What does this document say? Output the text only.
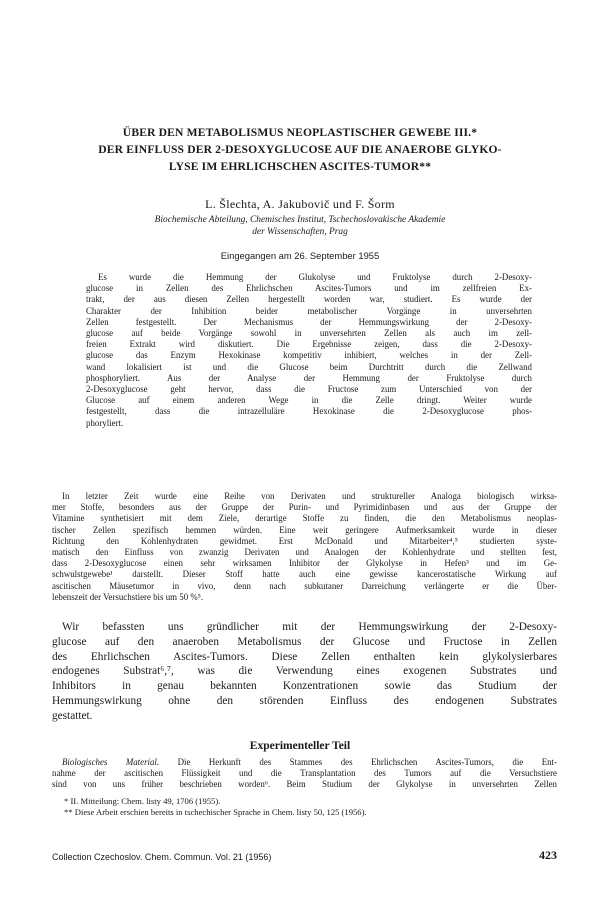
ÜBER DEN METABOLISMUS NEOPLASTISCHER GEWEBE III.*
DER EINFLUSS DER 2-DESOXYGLUCOSE AUF DIE ANAEROBE GLYKO-
LYSE IM EHRLICHSCHEN ASCITES-TUMOR**
L. Šlechta, A. Jakubovič und F. Šorm
Biochemische Abteilung, Chemisches Institut, Tschechoslovakische Akademie
der Wissenschaften, Prag
Eingegangen am 26. September 1955
Es wurde die Hemmung der Glukolyse und Fruktolyse durch 2-Desoxy-
glucose in Zellen des Ehrlichschen Ascites-Tumors und im zellfreien Ex-
trakt, der aus diesen Zellen hergestellt worden war, studiert. Es wurde der
Charakter der Inhibition beider metabolischer Vorgänge in unversehrten
Zellen festgestellt. Der Mechanismus der Hemmungswirkung der 2-Desoxy-
glucose auf beide Vorgänge sowohl in unversehrten Zellen als auch im zell-
freien Extrakt wird diskutiert. Die Ergebnisse zeigen, dass die 2-Desoxy-
glucose das Enzym Hexokinase kompetitiv inhibiert, welches in der Zell-
wand lokalisiert ist und die Glucose beim Durchtritt durch die Zellwand
phosphoryliert. Aus der Analyse der Hemmung der Fruktolyse durch
2-Desoxyglucose geht hervor, dass die Fructose zum Unterschied von der
Glucose auf einem anderen Wege in die Zelle dringt. Weiter wurde
festgestellt, dass die intrazelluläre Hexokinase die 2-Desoxyglucose phos-
phoryliert.
In letzter Zeit wurde eine Reihe von Derivaten und struktureller Analoga biologisch wirksa-
mer Stoffe, besonders aus der Gruppe der Purin- und Pyrimidinbasen und aus der Gruppe der
Vitamine synthetisiert mit dem Ziele, derartige Stoffe zu finden, die den Metabolismus neoplas-
tischer Zellen spezifisch hemmen würden. Eine weit geringere Aufmerksamkeit wurde in dieser
Richtung den Kohlenhydraten gewidmet. Erst McDonald und Mitarbeiter⁴,⁵ studierten syste-
matisch den Einfluss von zwanzig Derivaten und Analogen der Kohlenhydrate und stellten fest,
dass 2-Desoxyglucose einen sehr wirksamen Inhibitor der Glykolyse in Hefen³ und im Ge-
schwulstgewebe¹ darstellt. Dieser Stoff hatte auch eine gewisse kancerostatische Wirkung auf
ascitischen Mäusetumor in vivo, denn nach subkutaner Darreichung verlängerte er die Über-
lebenszeit der Versuchstiere bis um 50 %⁵.
Wir befassten uns gründlicher mit der Hemmungswirkung der 2-Desoxy-
glucose auf den anaeroben Metabolismus der Glucose und Fructose in Zellen
des Ehrlichschen Ascites-Tumors. Diese Zellen enthalten kein glykolysierbares
endogenes Substrat⁶,⁷, was die Verwendung eines exogenen Substrates und
Inhibitors in genau bekannten Konzentrationen sowie das Studium der
Hemmungswirkung ohne den störenden Einfluss des endogenen Substrates
gestattet.
Experimenteller Teil
Biologisches Material. Die Herkunft des Stammes des Ehrlichschen Ascites-Tumors, die Ent-
nahme der ascitischen Flüssigkeit und die Transplantation des Tumors auf die Versuchstiere
sind von uns früher beschrieben worden⁶. Beim Studium der Glykolyse in unversehrten Zellen
* II. Mitteilung: Chem. listy 49, 1706 (1955).
** Diese Arbeit erschien bereits in tschechischer Sprache in Chem. listy 50, 125 (1956).
Collection Czechoslov. Chem. Commun. Vol. 21 (1956)	423
